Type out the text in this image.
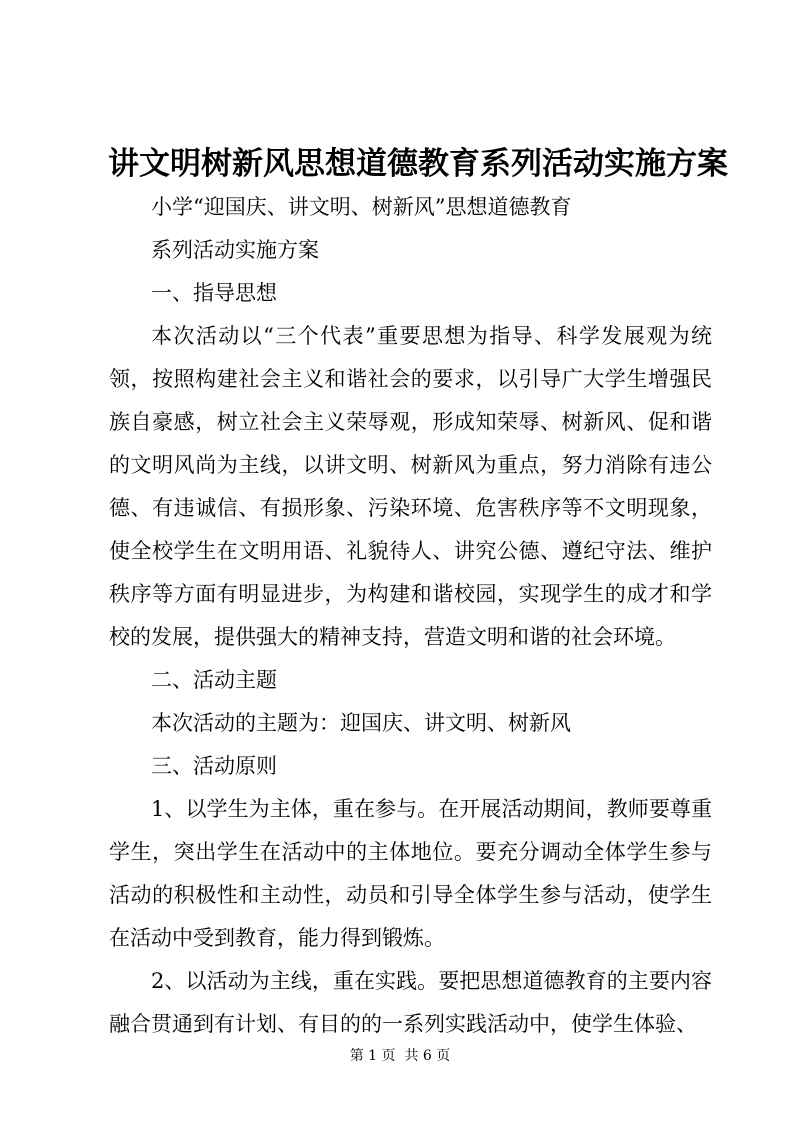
讲文明树新风思想道德教育系列活动实施方案

小学“迎国庆、讲文明、树新风”思想道德教育

系列活动实施方案

一、指导思想

本次活动以“三个代表”重要思想为指导、科学发展观为统领，按照构建社会主义和谐社会的要求，以引导广大学生增强民族自豪感，树立社会主义荣辱观，形成知荣辱、树新风、促和谐的文明风尚为主线，以讲文明、树新风为重点，努力消除有违公德、有违诚信、有损形象、污染环境、危害秩序等不文明现象，使全校学生在文明用语、礼貌待人、讲究公德、遵纪守法、维护秩序等方面有明显进步，为构建和谐校园，实现学生的成才和学校的发展，提供强大的精神支持，营造文明和谐的社会环境。

二、活动主题

本次活动的主题为：迎国庆、讲文明、树新风

三、活动原则

1、以学生为主体，重在参与。在开展活动期间，教师要尊重学生，突出学生在活动中的主体地位。要充分调动全体学生参与活动的积极性和主动性，动员和引导全体学生参与活动，使学生在活动中受到教育，能力得到锻炼。

2、以活动为主线，重在实践。要把思想道德教育的主要内容融合贯通到有计划、有目的的一系列实践活动中，使学生体验、

第 1 页  共 6 页
